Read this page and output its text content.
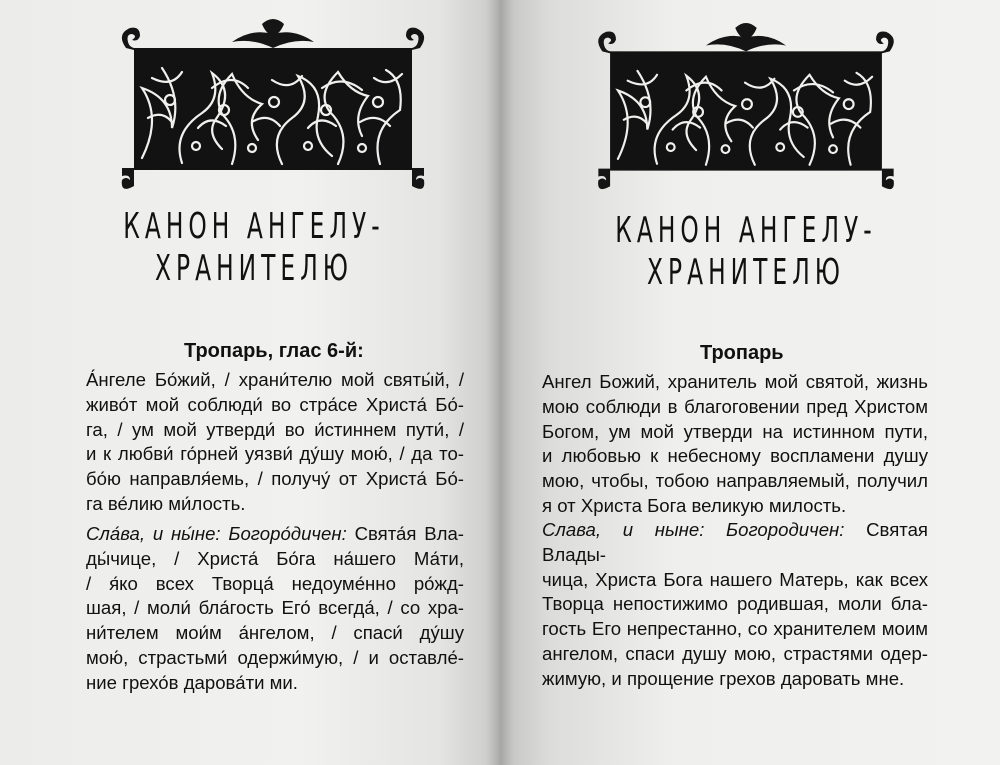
КАНОН АНГЕЛУ-
ХРАНИТЕЛЮ
Тропарь, глас 6-й:
А́нгеле Бо́жий, / храни́телю мой святы́й, /
живо́т мой соблюди́ во стра́се Христа́ Бо́-
га, / ум мой утверди́ во и́стиннем пути́, /
и к любви́ го́рней уязви́ ду́шу мою́, / да то-
бо́ю направля́емь, / получу́ от Христа́ Бо́-
га ве́лию ми́лость.
Сла́ва, и ны́не: Богоро́дичен: Свята́я Вла-
ды́чице, / Христа́ Бо́га на́шего Ма́ти,
/ я́ко всех Творца́ недоуме́нно ро́жд-
шая, / моли́ бла́гость Его́ всегда́, / со хра-
ни́телем мои́м а́нгелом, / спаси́ ду́шу
мою́, страстьми́ одержи́мую, / и оставле́-
ние грехо́в дарова́ти ми.
КАНОН АНГЕЛУ-
ХРАНИТЕЛЮ
Тропарь
Ангел Божий, хранитель мой святой, жизнь
мою соблюди в благоговении пред Христом
Богом, ум мой утверди на истинном пути,
и любовью к небесному воспламени душу
мою, чтобы, тобою направляемый, получил
я от Христа Бога великую милость.
Слава, и ныне: Богородичен: Святая Влады-
чица, Христа Бога нашего Матерь, как всех
Творца непостижимо родившая, моли бла-
гость Его непрестанно, со хранителем моим
ангелом, спаси душу мою, страстями одер-
жимую, и прощение грехов даровать мне.
